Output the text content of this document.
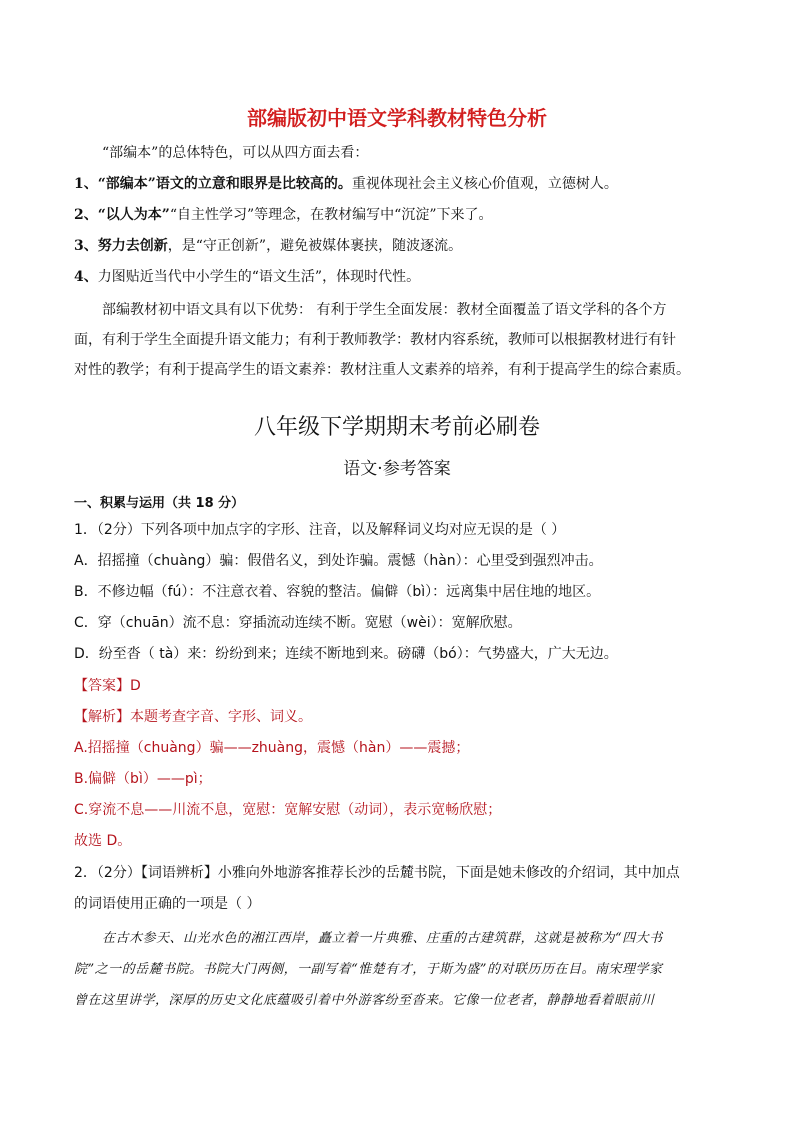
部编版初中语文学科教材特色分析
“部编本”的总体特色，可以从四方面去看：
1、“部编本”语文的立意和眼界是比较高的。重视体现社会主义核心价值观，立德树人。
2、“以人为本”“自主性学习”等理念，在教材编写中“沉淀”下来了。
3、努力去创新，是“守正创新”，避免被媒体裹挟，随波逐流。
4、力图贴近当代中小学生的“语文生活”，体现时代性。
部编教材初中语文具有以下优势： 有利于学生全面发展：教材全面覆盖了语文学科的各个方
面，有利于学生全面提升语文能力；有利于教师教学：教材内容系统，教师可以根据教材进行有针
对性的教学；有利于提高学生的语文素养：教材注重人文素养的培养，有利于提高学生的综合素质。
八年级下学期期末考前必刷卷
语文·参考答案
一、积累与运用（共 18 分）
1．（2分）下列各项中加点字的字形、注音，以及解释词义均对应无误的是（ ）
A．招摇撞（chuàng）骗：假借名义，到处诈骗。震憾（hàn）：心里受到强烈冲击。
B．不修边幅（fú）：不注意衣着、容貌的整洁。偏僻（bì）：远离集中居住地的地区。
C．穿（chuān）流不息：穿插流动连续不断。宽慰（wèi）：宽解欣慰。
D．纷至沓（ tà）来：纷纷到来；连续不断地到来。磅礴（bó）：气势盛大，广大无边。
【答案】D
【解析】本题考查字音、字形、词义。
A.招摇撞（chuàng）骗——zhuàng，震憾（hàn）——震撼；
B.偏僻（bì）——pì；
C.穿流不息——川流不息，宽慰：宽解安慰（动词），表示宽畅欣慰；
故选 D。
2．（2分）【词语辨析】小雅向外地游客推荐长沙的岳麓书院，下面是她未修改的介绍词，其中加点
的词语使用正确的一项是（ ）
在古木参天、山光水色的湘江西岸，矗立着一片典雅、庄重的古建筑群，这就是被称为“四大书
院”之一的岳麓书院。书院大门两侧，一副写着“惟楚有才，于斯为盛”的对联历历在目。南宋理学家
曾在这里讲学，深厚的历史文化底蕴吸引着中外游客纷至沓来。它像一位老者，静静地看着眼前川
